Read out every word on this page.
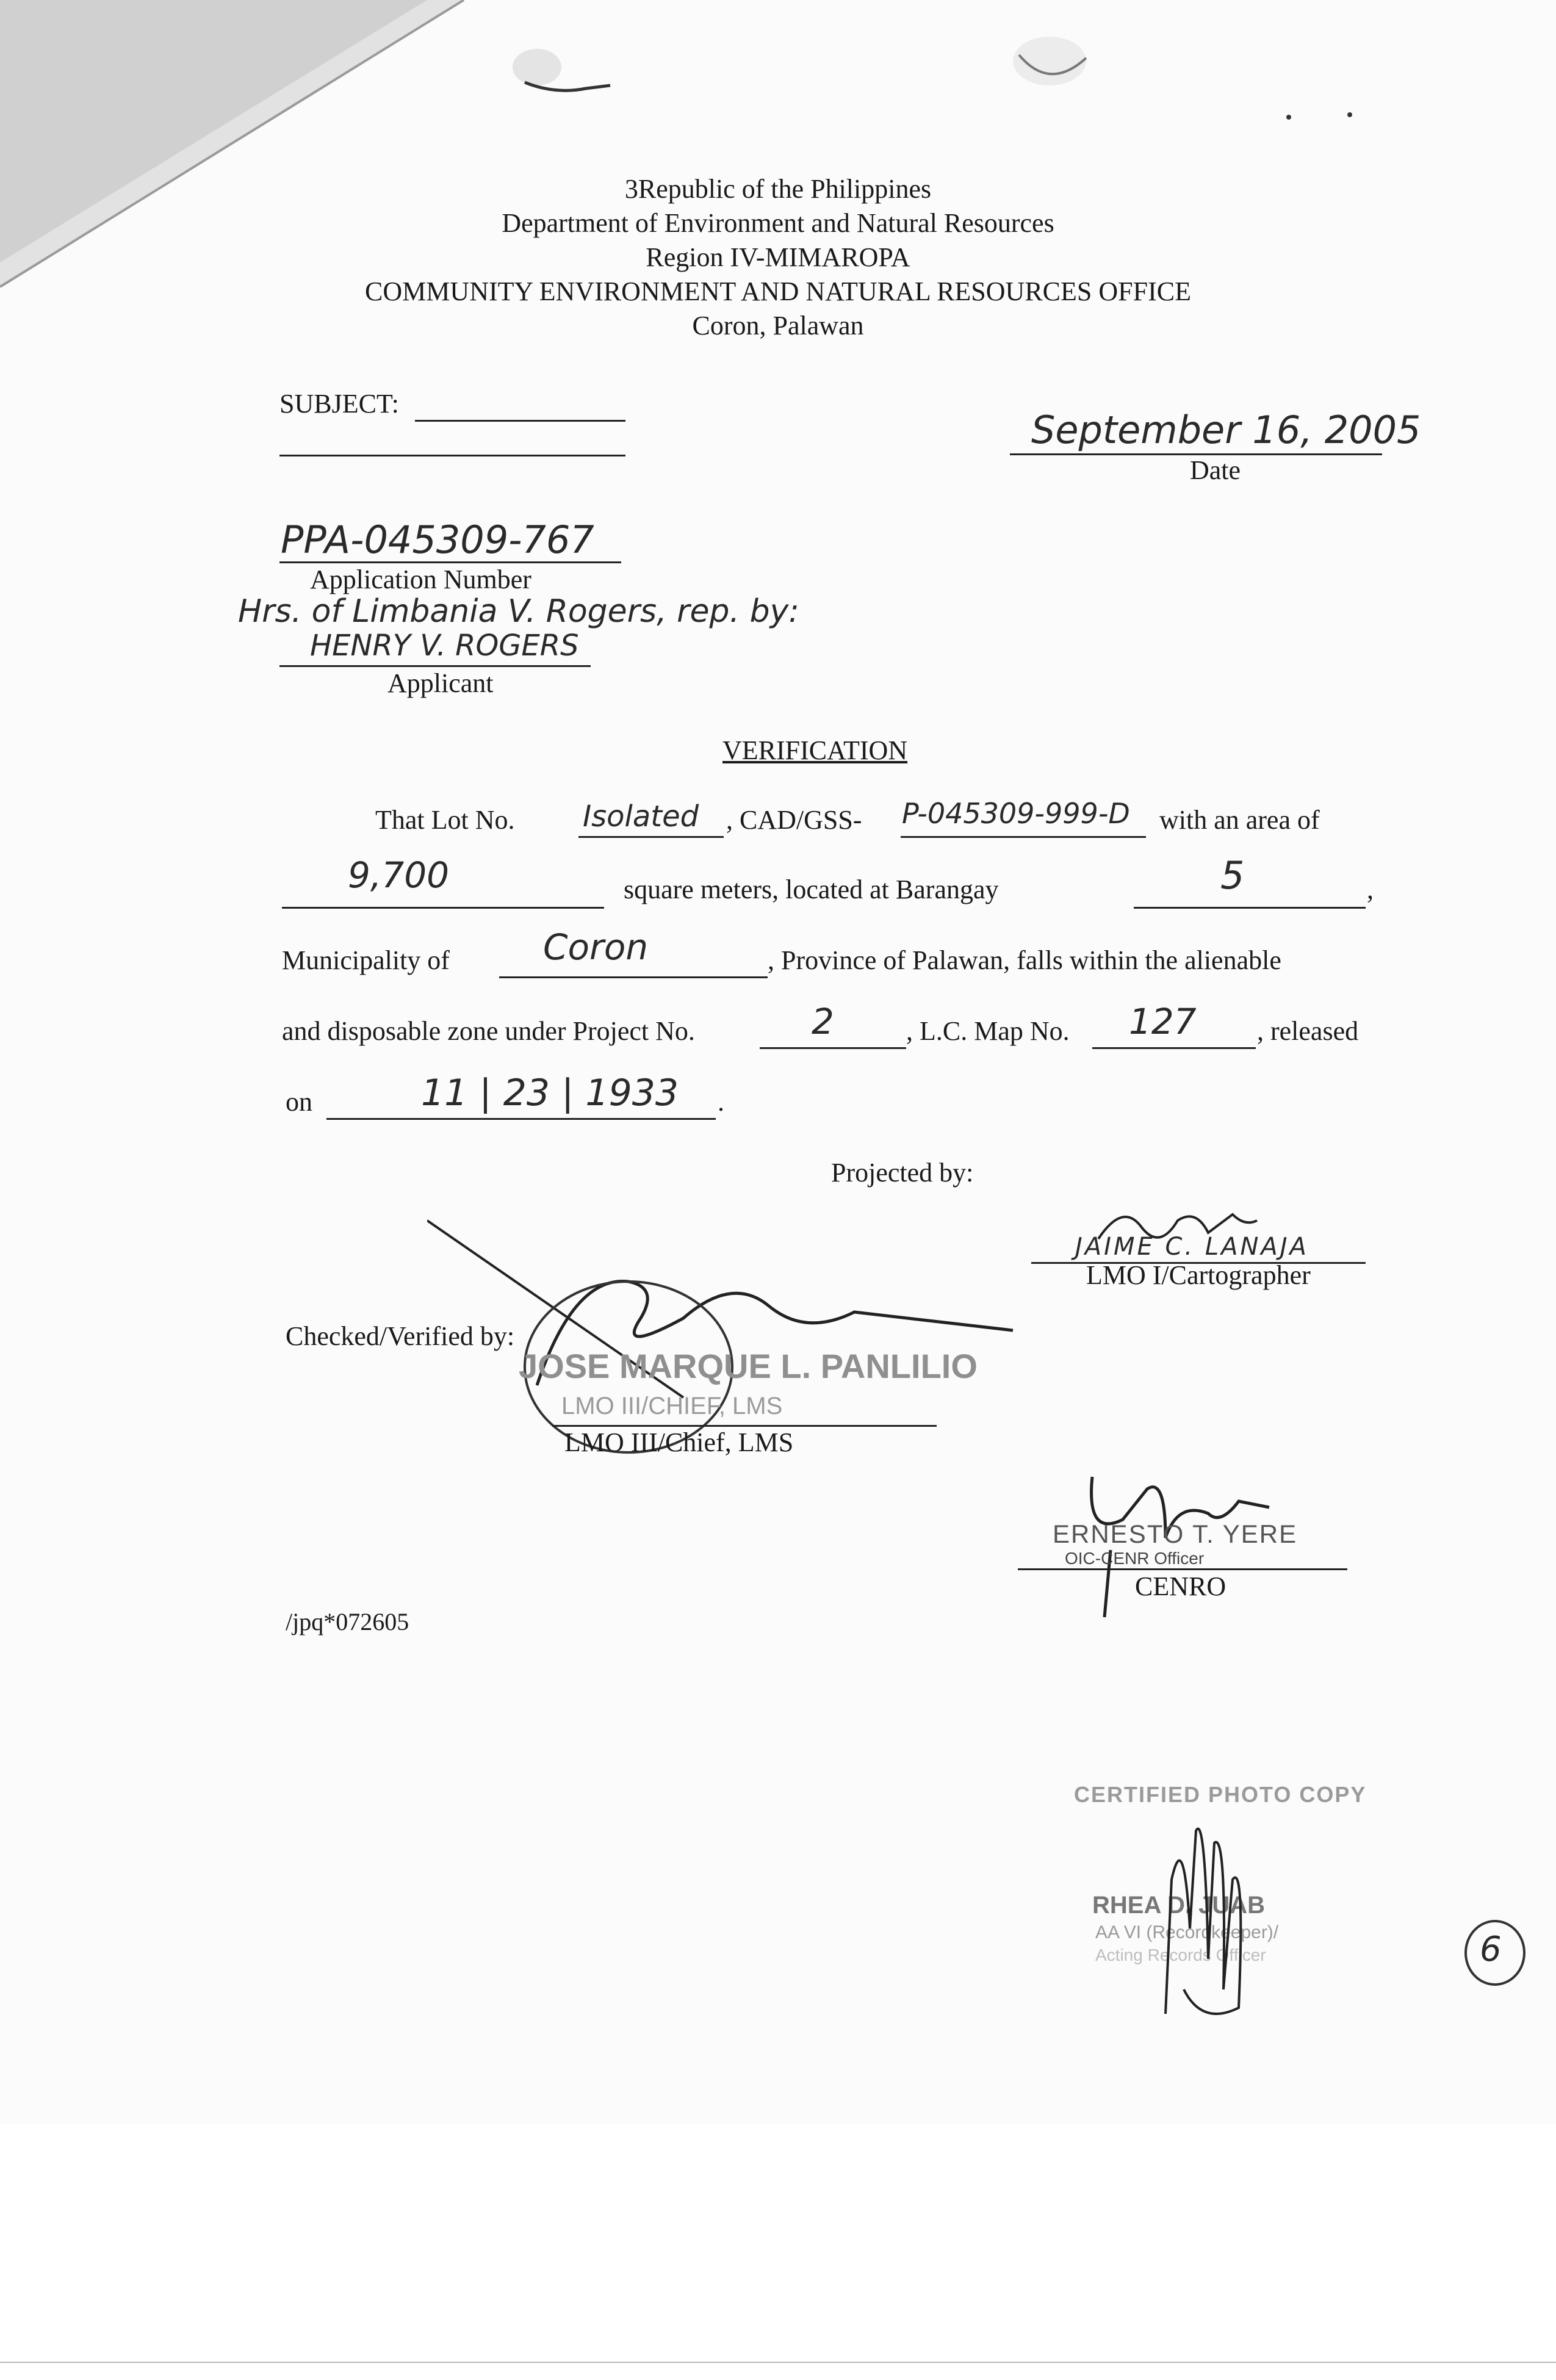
3Republic of the Philippines
Department of Environment and Natural Resources
Region IV-MIMAROPA
COMMUNITY ENVIRONMENT AND NATURAL RESOURCES OFFICE
Coron, Palawan
SUBJECT:
September 16, 2005
Date
PPA-045309-767
Application Number
Hrs. of Limbania V. Rogers, rep. by:
HENRY V. ROGERS
Applicant
VERIFICATION
That Lot No. Isolated , CAD/GSS- P-045309-999-D with an area of
9,700	square meters, located at Barangay	5	,
Municipality of	Coron	, Province of Palawan, falls within the alienable
and disposable zone under Project No.	2	, L.C. Map No. 127 , released
on	11 | 23 | 1933 .
Projected by:
JAIME C. LANAJA
LMO I/Cartographer
Checked/Verified by:
JOSE MARQUE L. PANLILIO
LMO III/CHIEF, LMS
LMO III/Chief, LMS
ERNESTO T. YERE
OIC-CENR Officer
CENRO
/jpq*072605
CERTIFIED PHOTO COPY
RHEA D. JUAB
AA VI (Recordkeeper)/
Acting Records Officer	6
